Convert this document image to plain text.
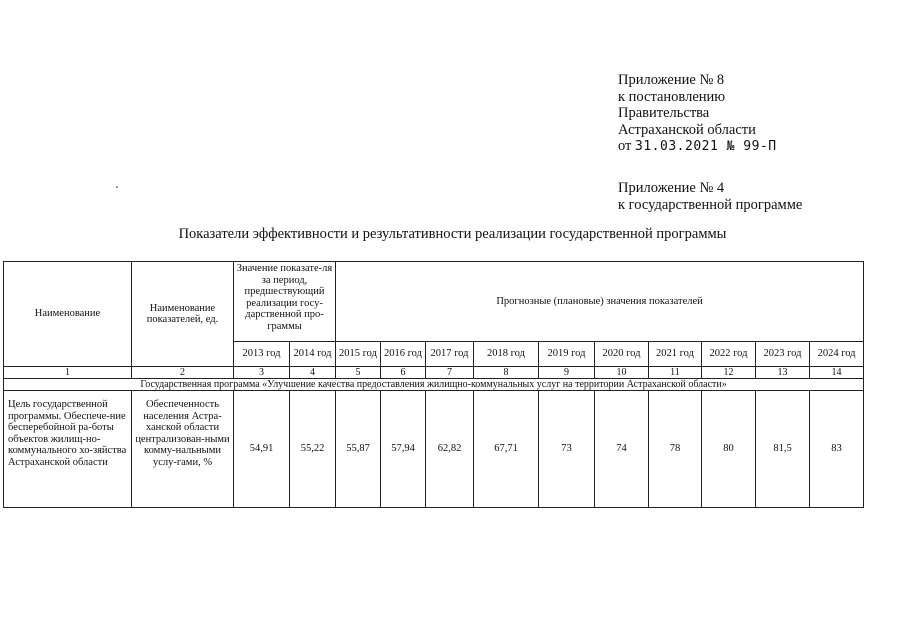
Приложение № 8
к постановлению
Правительства
Астраханской области
от 31.03.2021 № 99-П
Приложение № 4
к государственной программе
Показатели эффективности и результативности реализации государственной программы
Наименование	Наименование показателей, ед.	Значение показате-ля за период, предшествующий реализации госу-дарственной про-граммы		Прогнозные (плановые) значения показателей									
		2013 год	2014 год	2015 год	2016 год	2017 год	2018 год	2019 год	2020 год	2021 год	2022 год	2023 год	2024 год
1	2	3	4	5	6	7	8	9	10	11	12	13	14
Государственная программа «Улучшение качества предоставления жилищно-коммунальных услуг на территории Астраханской области»													
Цель государственной программы. Обеспече-ние бесперебойной ра-боты объектов жилищ-но-коммунального хо-зяйства Астраханской области	Обеспеченность населения Астра-ханской области централизован-ными комму-нальными услу-гами, %	54,91	55,22	55,87	57,94	62,82	67,71	73	74	78	80	81,5	83
